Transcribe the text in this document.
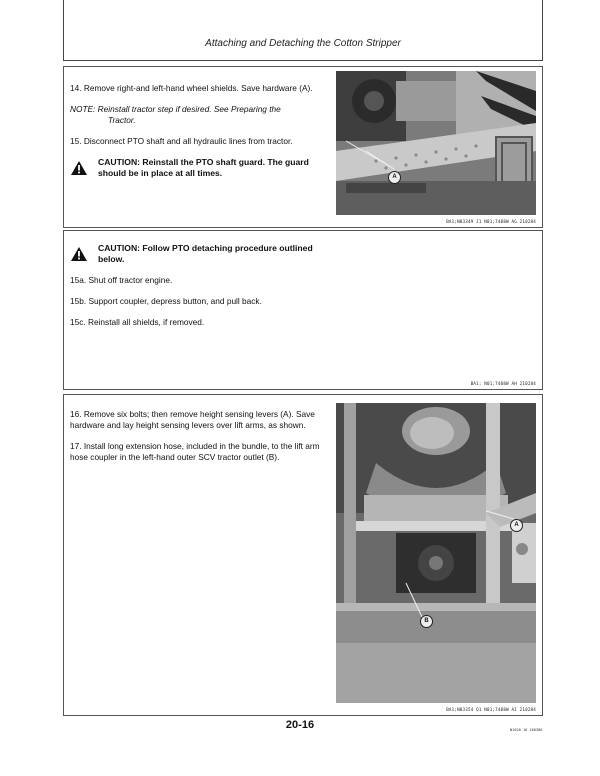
Attaching and Detaching the Cotton Stripper

14. Remove right-and left-hand wheel shields. Save hardware (A).

NOTE: Reinstall tractor step if desired. See Preparing the
Tractor.

15. Disconnect PTO shaft and all hydraulic lines from tractor.

CAUTION: Reinstall the PTO shaft guard. The guard should be in place at all times.	A
BA1;N83349 J1 N01;7408W AG 210284
CAUTION: Follow PTO detaching procedure outlined below.

15a. Shut off tractor engine.

15b. Support coupler, depress button, and pull back.

15c. Reinstall all shields, if removed.

BA1; N01;7408W AH 210284

16. Remove six bolts; then remove height sensing levers (A). Save hardware and lay height sensing levers over lift arms, as shown.

17. Install long extension hose, included in the bundle, to the lift arm hose coupler in the left-hand outer SCV tractor outlet (B).

A
B
BA1;N83354 Q1 N01;7408W AI 210284
20-16	N1620 16 160386
